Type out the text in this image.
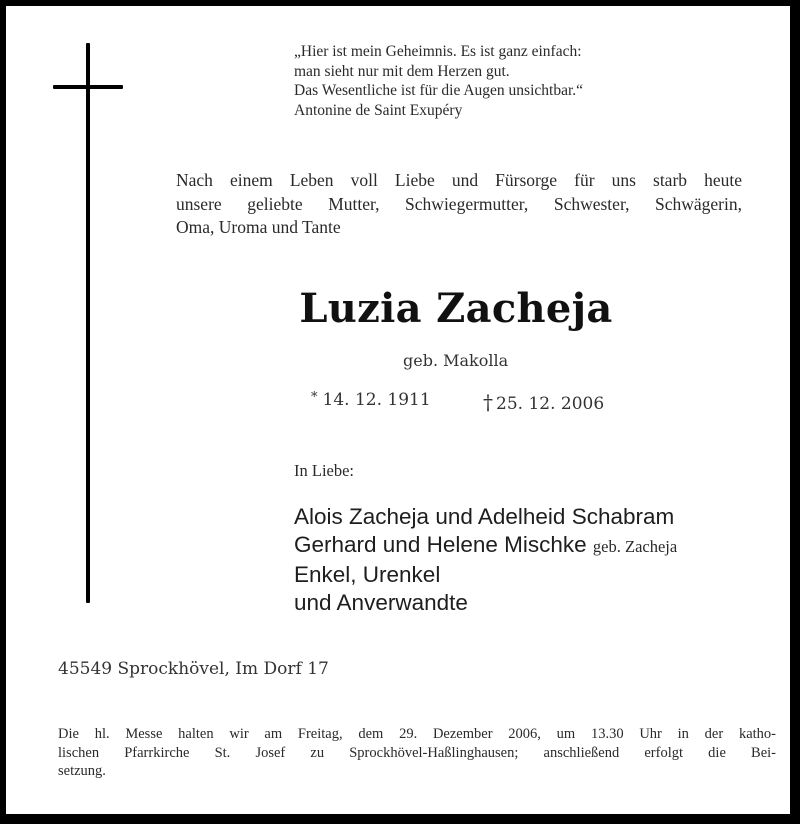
„Hier ist mein Geheimnis. Es ist ganz einfach:
man sieht nur mit dem Herzen gut.
Das Wesentliche ist für die Augen unsichtbar.“
Antonine de Saint Exupéry
Nach einem Leben voll Liebe und Fürsorge für uns starb heute
unsere geliebte Mutter, Schwiegermutter, Schwester, Schwägerin,
Oma, Uroma und Tante
Luzia Zacheja
geb. Makolla
* 14. 12. 1911	† 25. 12. 2006
In Liebe:
Alois Zacheja und Adelheid Schabram
Gerhard und Helene Mischke geb. Zacheja
Enkel, Urenkel
und Anverwandte
45549 Sprockhövel, Im Dorf 17
Die hl. Messe halten wir am Freitag, dem 29. Dezember 2006, um 13.30 Uhr in der katho-
lischen Pfarrkirche St. Josef zu Sprockhövel-Haßlinghausen; anschließend erfolgt die Bei-
setzung.
